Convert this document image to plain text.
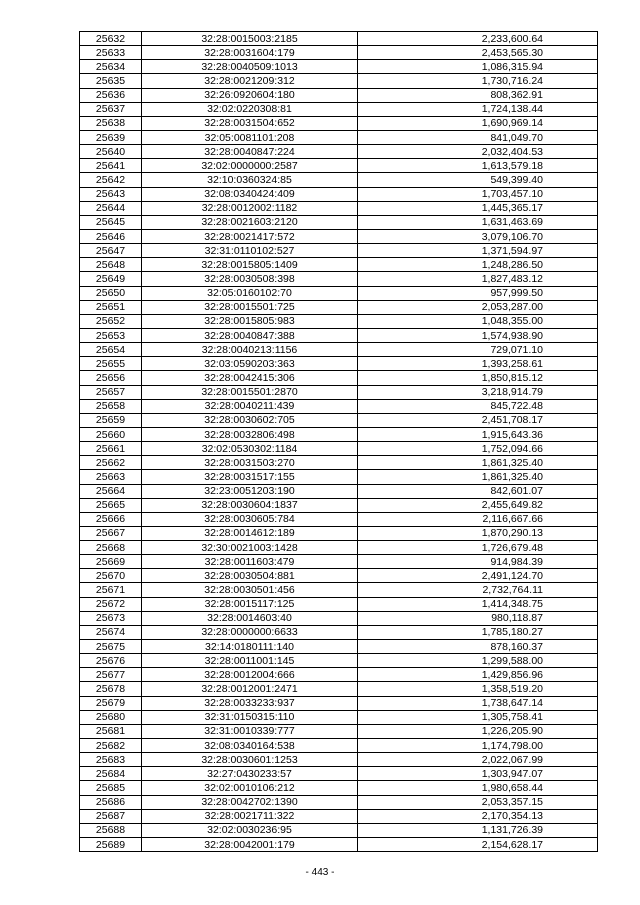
25632	32:28:0015003:2185	2,233,600.64
25633	32:28:0031604:179	2,453,565.30
25634	32:28:0040509:1013	1,086,315.94
25635	32:28:0021209:312	1,730,716.24
25636	32:26:0920604:180	808,362.91
25637	32:02:0220308:81	1,724,138.44
25638	32:28:0031504:652	1,690,969.14
25639	32:05:0081101:208	841,049.70
25640	32:28:0040847:224	2,032,404.53
25641	32:02:0000000:2587	1,613,579.18
25642	32:10:0360324:85	549,399.40
25643	32:08:0340424:409	1,703,457.10
25644	32:28:0012002:1182	1,445,365.17
25645	32:28:0021603:2120	1,631,463.69
25646	32:28:0021417:572	3,079,106.70
25647	32:31:0110102:527	1,371,594.97
25648	32:28:0015805:1409	1,248,286.50
25649	32:28:0030508:398	1,827,483.12
25650	32:05:0160102:70	957,999.50
25651	32:28:0015501:725	2,053,287.00
25652	32:28:0015805:983	1,048,355.00
25653	32:28:0040847:388	1,574,938.90
25654	32:28:0040213:1156	729,071.10
25655	32:03:0590203:363	1,393,258.61
25656	32:28:0042415:306	1,850,815.12
25657	32:28:0015501:2870	3,218,914.79
25658	32:28:0040211:439	845,722.48
25659	32:28:0030602:705	2,451,708.17
25660	32:28:0032806:498	1,915,643.36
25661	32:02:0530302:1184	1,752,094.66
25662	32:28:0031503:270	1,861,325.40
25663	32:28:0031517:155	1,861,325.40
25664	32:23:0051203:190	842,601.07
25665	32:28:0030604:1837	2,455,649.82
25666	32:28:0030605:784	2,116,667.66
25667	32:28:0014612:189	1,870,290.13
25668	32:30:0021003:1428	1,726,679.48
25669	32:28:0011603:479	914,984.39
25670	32:28:0030504:881	2,491,124.70
25671	32:28:0030501:456	2,732,764.11
25672	32:28:0015117:125	1,414,348.75
25673	32:28:0014603:40	980,118.87
25674	32:28:0000000:6633	1,785,180.27
25675	32:14:0180111:140	878,160.37
25676	32:28:0011001:145	1,299,588.00
25677	32:28:0012004:666	1,429,856.96
25678	32:28:0012001:2471	1,358,519.20
25679	32:28:0033233:937	1,738,647.14
25680	32:31:0150315:110	1,305,758.41
25681	32:31:0010339:777	1,226,205.90
25682	32:08:0340164:538	1,174,798.00
25683	32:28:0030601:1253	2,022,067.99
25684	32:27:0430233:57	1,303,947.07
25685	32:02:0010106:212	1,980,658.44
25686	32:28:0042702:1390	2,053,357.15
25687	32:28:0021711:322	2,170,354.13
25688	32:02:0030236:95	1,131,726.39
25689	32:28:0042001:179	2,154,628.17
- 443 -
